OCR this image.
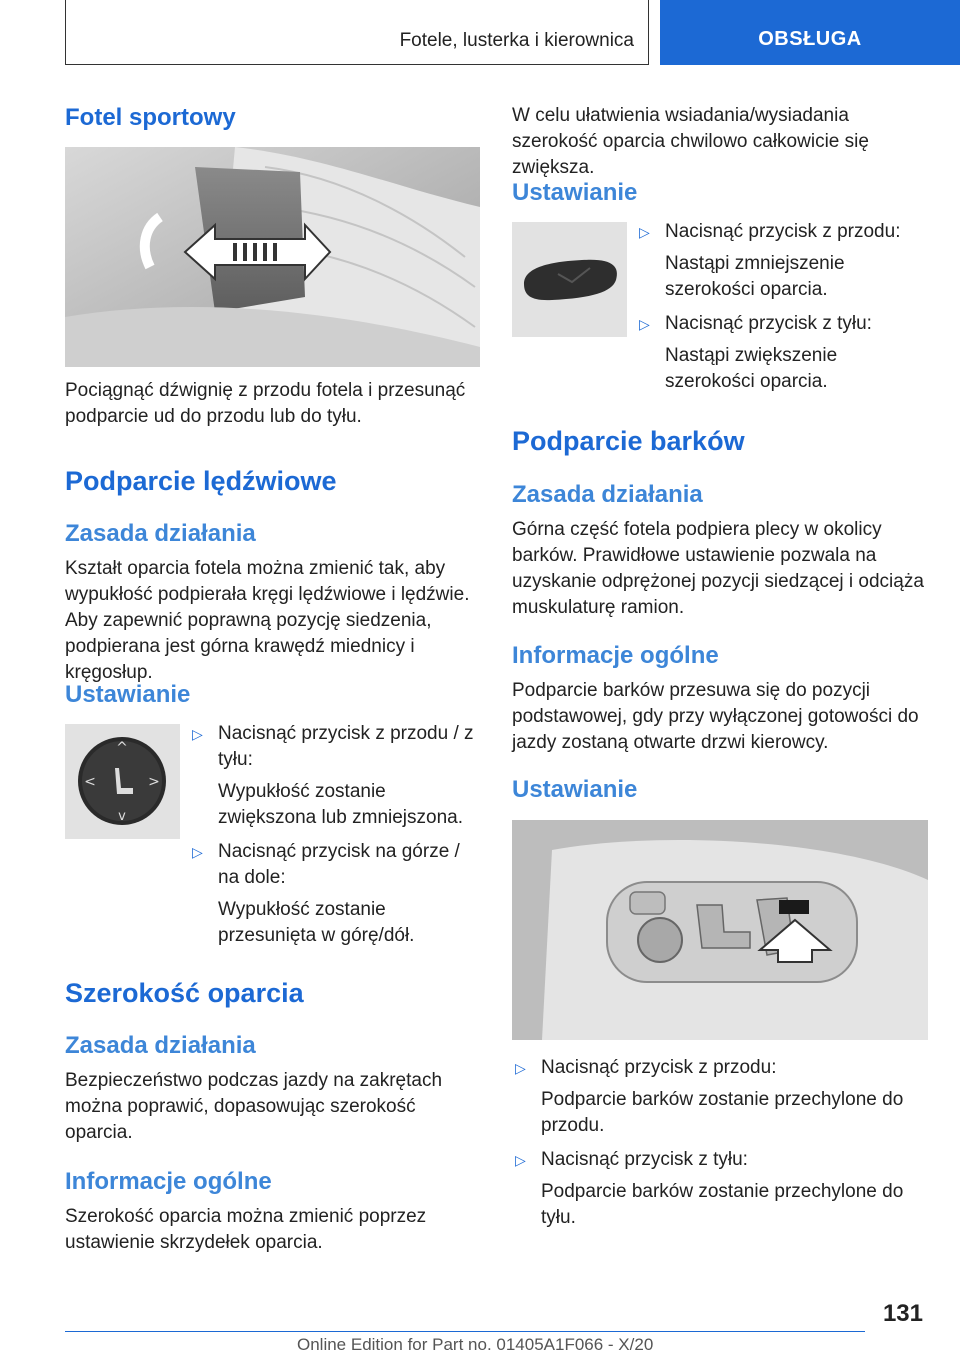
Fotele, lusterka i kierownica	OBSŁUGA
Fotel sportowy
Pociągnąć dźwignię z przodu fotela i przesunąć podparcie ud do przodu lub do tyłu.
Podparcie lędźwiowe
Zasada działania
Kształt oparcia fotela można zmienić tak, aby wypukłość podpierała kręgi lędźwiowe i lędźwie. Aby zapewnić poprawną pozycję siedzenia, podpierana jest górna krawędź miednicy i kręgosłup.
Ustawianie
^
v
<	>
▷ Nacisnąć przycisk z przodu / z tyłu:
Wypukłość zostanie zwiększona lub zmniejszona.
▷ Nacisnąć przycisk na górze / na dole:
Wypukłość zostanie przesunięta w górę/dół.
Szerokość oparcia
Zasada działania
Bezpieczeństwo podczas jazdy na zakrętach można poprawić, dopasowując szerokość oparcia.
Informacje ogólne
Szerokość oparcia można zmienić poprzez ustawienie skrzydełek oparcia.
W celu ułatwienia wsiadania/wysiadania szerokość oparcia chwilowo całkowicie się zwiększa.
Ustawianie
▷ Nacisnąć przycisk z przodu:
Nastąpi zmniejszenie szerokości oparcia.
▷ Nacisnąć przycisk z tyłu:
Nastąpi zwiększenie szerokości oparcia.
Podparcie barków
Zasada działania
Górna część fotela podpiera plecy w okolicy barków. Prawidłowe ustawienie pozwala na uzyskanie odprężonej pozycji siedzącej i odciąża muskulaturę ramion.
Informacje ogólne
Podparcie barków przesuwa się do pozycji podstawowej, gdy przy wyłączonej gotowości do jazdy zostaną otwarte drzwi kierowcy.
Ustawianie
▷ Nacisnąć przycisk z przodu:
Podparcie barków zostanie przechylone do przodu.
▷ Nacisnąć przycisk z tyłu:
Podparcie barków zostanie przechylone do tyłu.
131
Online Edition for Part no. 01405A1F066 - X/20
